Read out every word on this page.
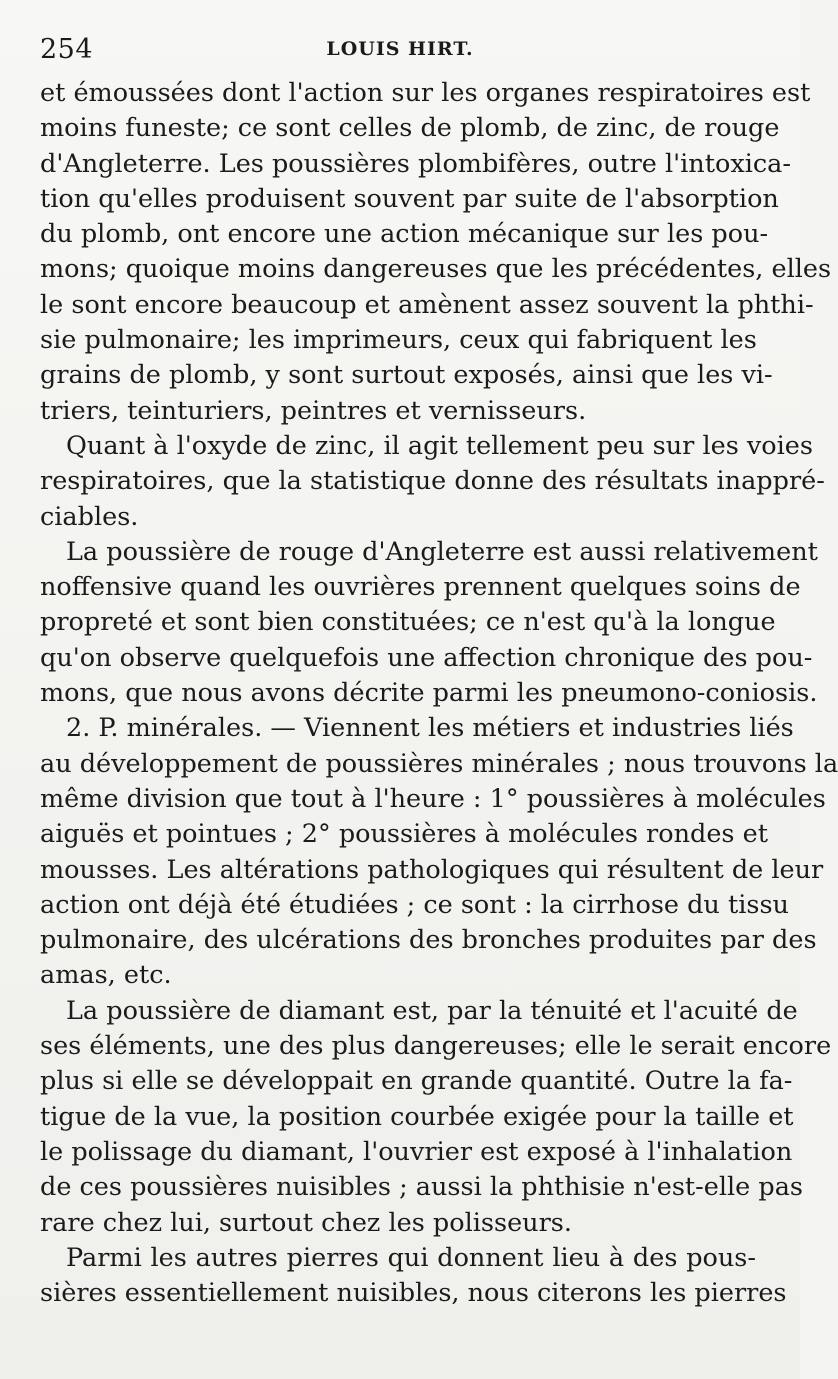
254	LOUIS HIRT.
et émoussées dont l'action sur les organes respiratoires est
moins funeste; ce sont celles de plomb, de zinc, de rouge
d'Angleterre. Les poussières plombifères, outre l'intoxica-
tion qu'elles produisent souvent par suite de l'absorption
du plomb, ont encore une action mécanique sur les pou-
mons; quoique moins dangereuses que les précédentes, elles
le sont encore beaucoup et amènent assez souvent la phthi-
sie pulmonaire; les imprimeurs, ceux qui fabriquent les
grains de plomb, y sont surtout exposés, ainsi que les vi-
triers, teinturiers, peintres et vernisseurs.
Quant à l'oxyde de zinc, il agit tellement peu sur les voies
respiratoires, que la statistique donne des résultats inappré-
ciables.
La poussière de rouge d'Angleterre est aussi relativement
noffensive quand les ouvrières prennent quelques soins de
propreté et sont bien constituées; ce n'est qu'à la longue
qu'on observe quelquefois une affection chronique des pou-
mons, que nous avons décrite parmi les pneumono-coniosis.
2. P. minérales. — Viennent les métiers et industries liés
au développement de poussières minérales ; nous trouvons la
même division que tout à l'heure : 1° poussières à molécules
aiguës et pointues ; 2° poussières à molécules rondes et
mousses. Les altérations pathologiques qui résultent de leur
action ont déjà été étudiées ; ce sont : la cirrhose du tissu
pulmonaire, des ulcérations des bronches produites par des
amas, etc.
La poussière de diamant est, par la ténuité et l'acuité de
ses éléments, une des plus dangereuses; elle le serait encore
plus si elle se développait en grande quantité. Outre la fa-
tigue de la vue, la position courbée exigée pour la taille et
le polissage du diamant, l'ouvrier est exposé à l'inhalation
de ces poussières nuisibles ; aussi la phthisie n'est-elle pas
rare chez lui, surtout chez les polisseurs.
Parmi les autres pierres qui donnent lieu à des pous-
sières essentiellement nuisibles, nous citerons les pierres
